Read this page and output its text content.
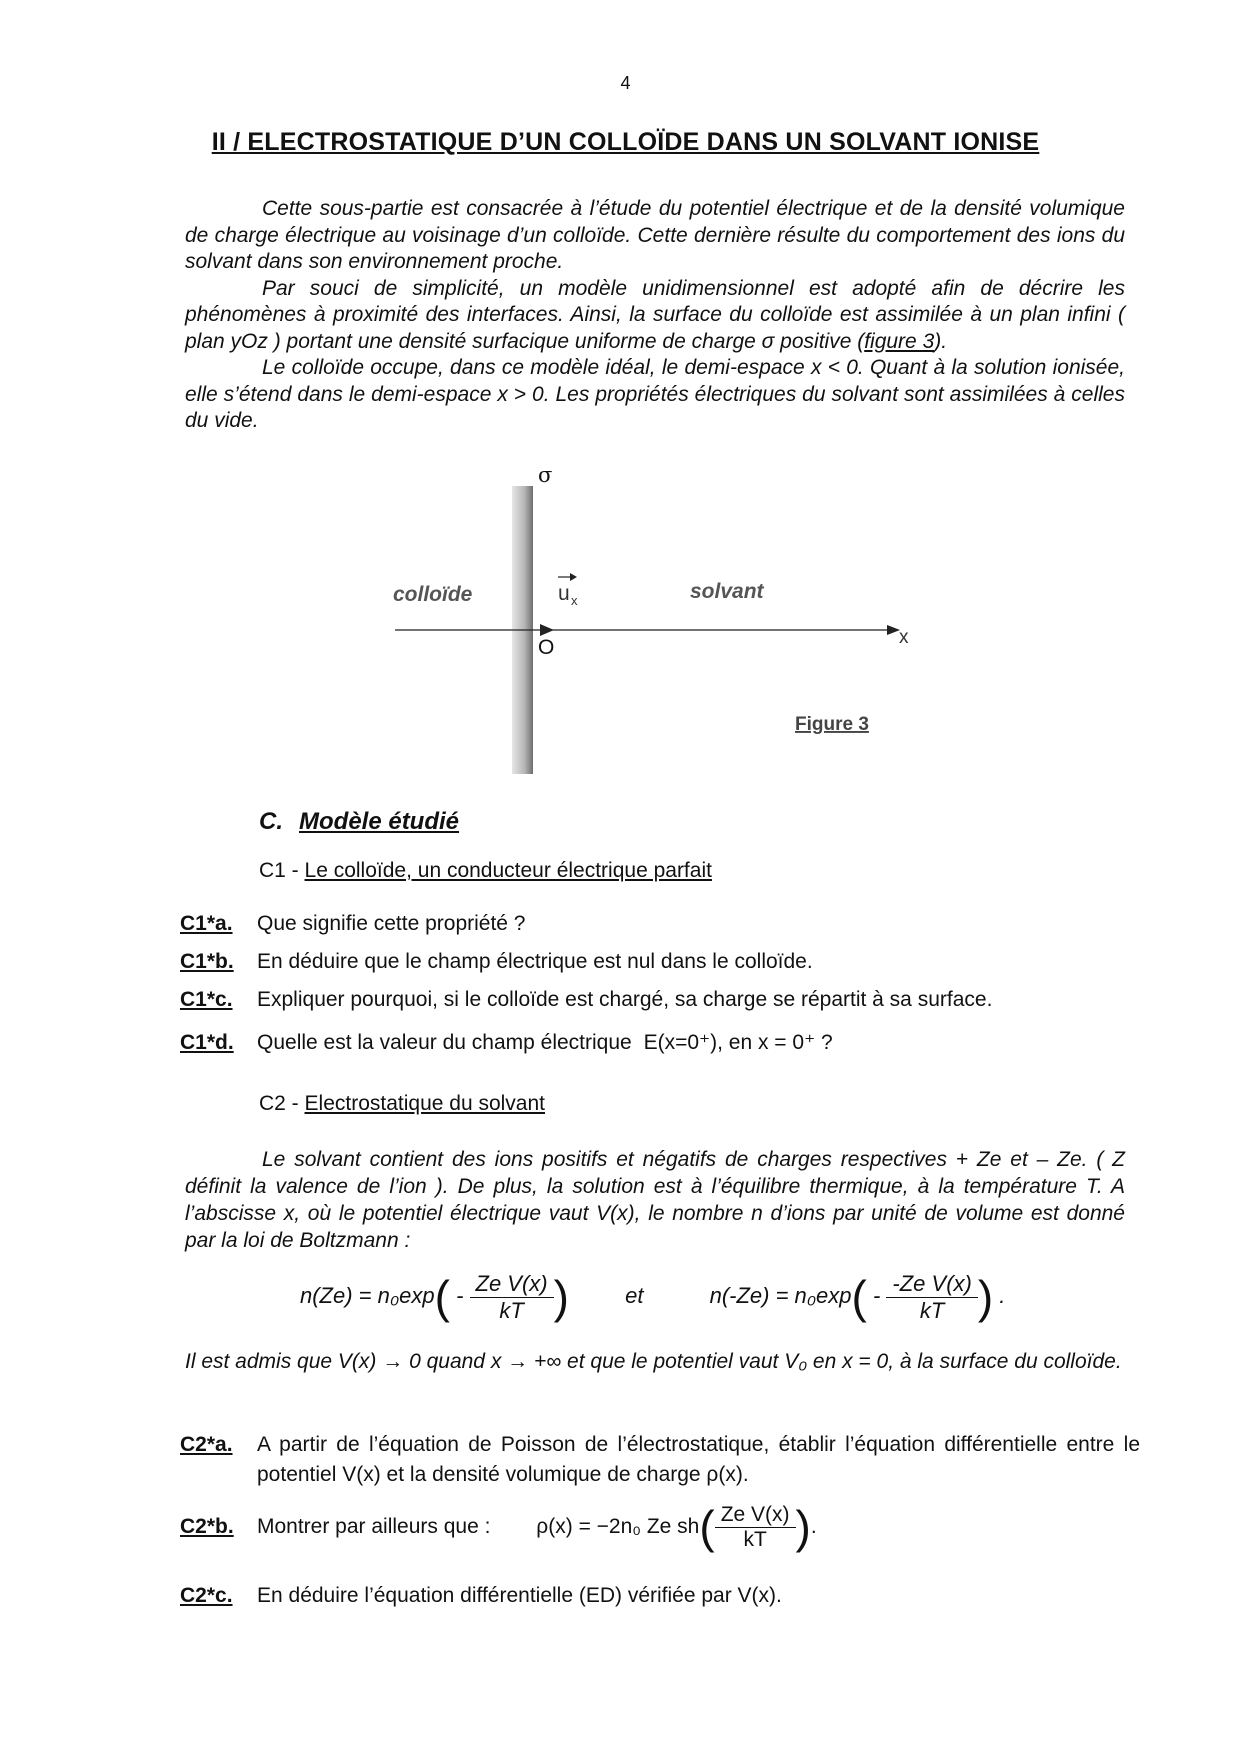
4
II / ELECTROSTATIQUE D’UN COLLOÏDE DANS UN SOLVANT IONISE

Cette sous-partie est consacrée à l’étude du potentiel électrique et de la densité volumique de charge électrique au voisinage d’un colloïde. Cette dernière résulte du comportement des ions du solvant dans son environnement proche.

Par souci de simplicité, un modèle unidimensionnel est adopté afin de décrire les phénomènes à proximité des interfaces. Ainsi, la surface du colloïde est assimilée à un plan infini ( plan yOz ) portant une densité surfacique uniforme de charge σ positive (figure 3).

Le colloïde occupe, dans ce modèle idéal, le demi-espace x < 0. Quant à la solution ionisée, elle s’étend dans le demi-espace x > 0. Les propriétés électriques du solvant sont assimilées à celles du vide.

σ
colloïde	solvant
u x
O	x
Figure 3
C. Modèle étudié
C1 - Le colloïde, un conducteur électrique parfait
C1*a. Que signifie cette propriété ?
C1*b. En déduire que le champ électrique est nul dans le colloïde.
C1*c. Expliquer pourquoi, si le colloïde est chargé, sa charge se répartit à sa surface.
C1*d. Quelle est la valeur du champ électrique E(x=0⁺), en x = 0⁺ ?
C2 - Electrostatique du solvant

Le solvant contient des ions positifs et négatifs de charges respectives + Ze et – Ze. ( Z définit la valence de l’ion ). De plus, la solution est à l’équilibre thermique, à la température T. A l’abscisse x, où le potentiel électrique vaut V(x), le nombre n d’ions par unité de volume est donné par la loi de Boltzmann :

$n(Ze) = n_0\exp( - \frac{\text{Ze V(x)}}{kT}$ )	et	$n(-Ze) = n_0\exp( - \frac{\text{-Ze V(x)}}{kT}$ ) .
Il est admis que V(x) → 0 quand x → +∞ et que le potentiel vaut V₀ en x = 0, à la surface du colloïde.
C2*a.	A partir de l’équation de Poisson de l’électrostatique, établir l’équation différentielle entre le potentiel V(x) et la densité volumique de charge ρ(x).
C2*b. Montrer par ailleurs que : ρ(x) = −2n₀ Ze $sh( \frac{\text{Ze V(x)}}{kT}$ ).
C2*c. En déduire l’équation différentielle (ED) vérifiée par V(x).
